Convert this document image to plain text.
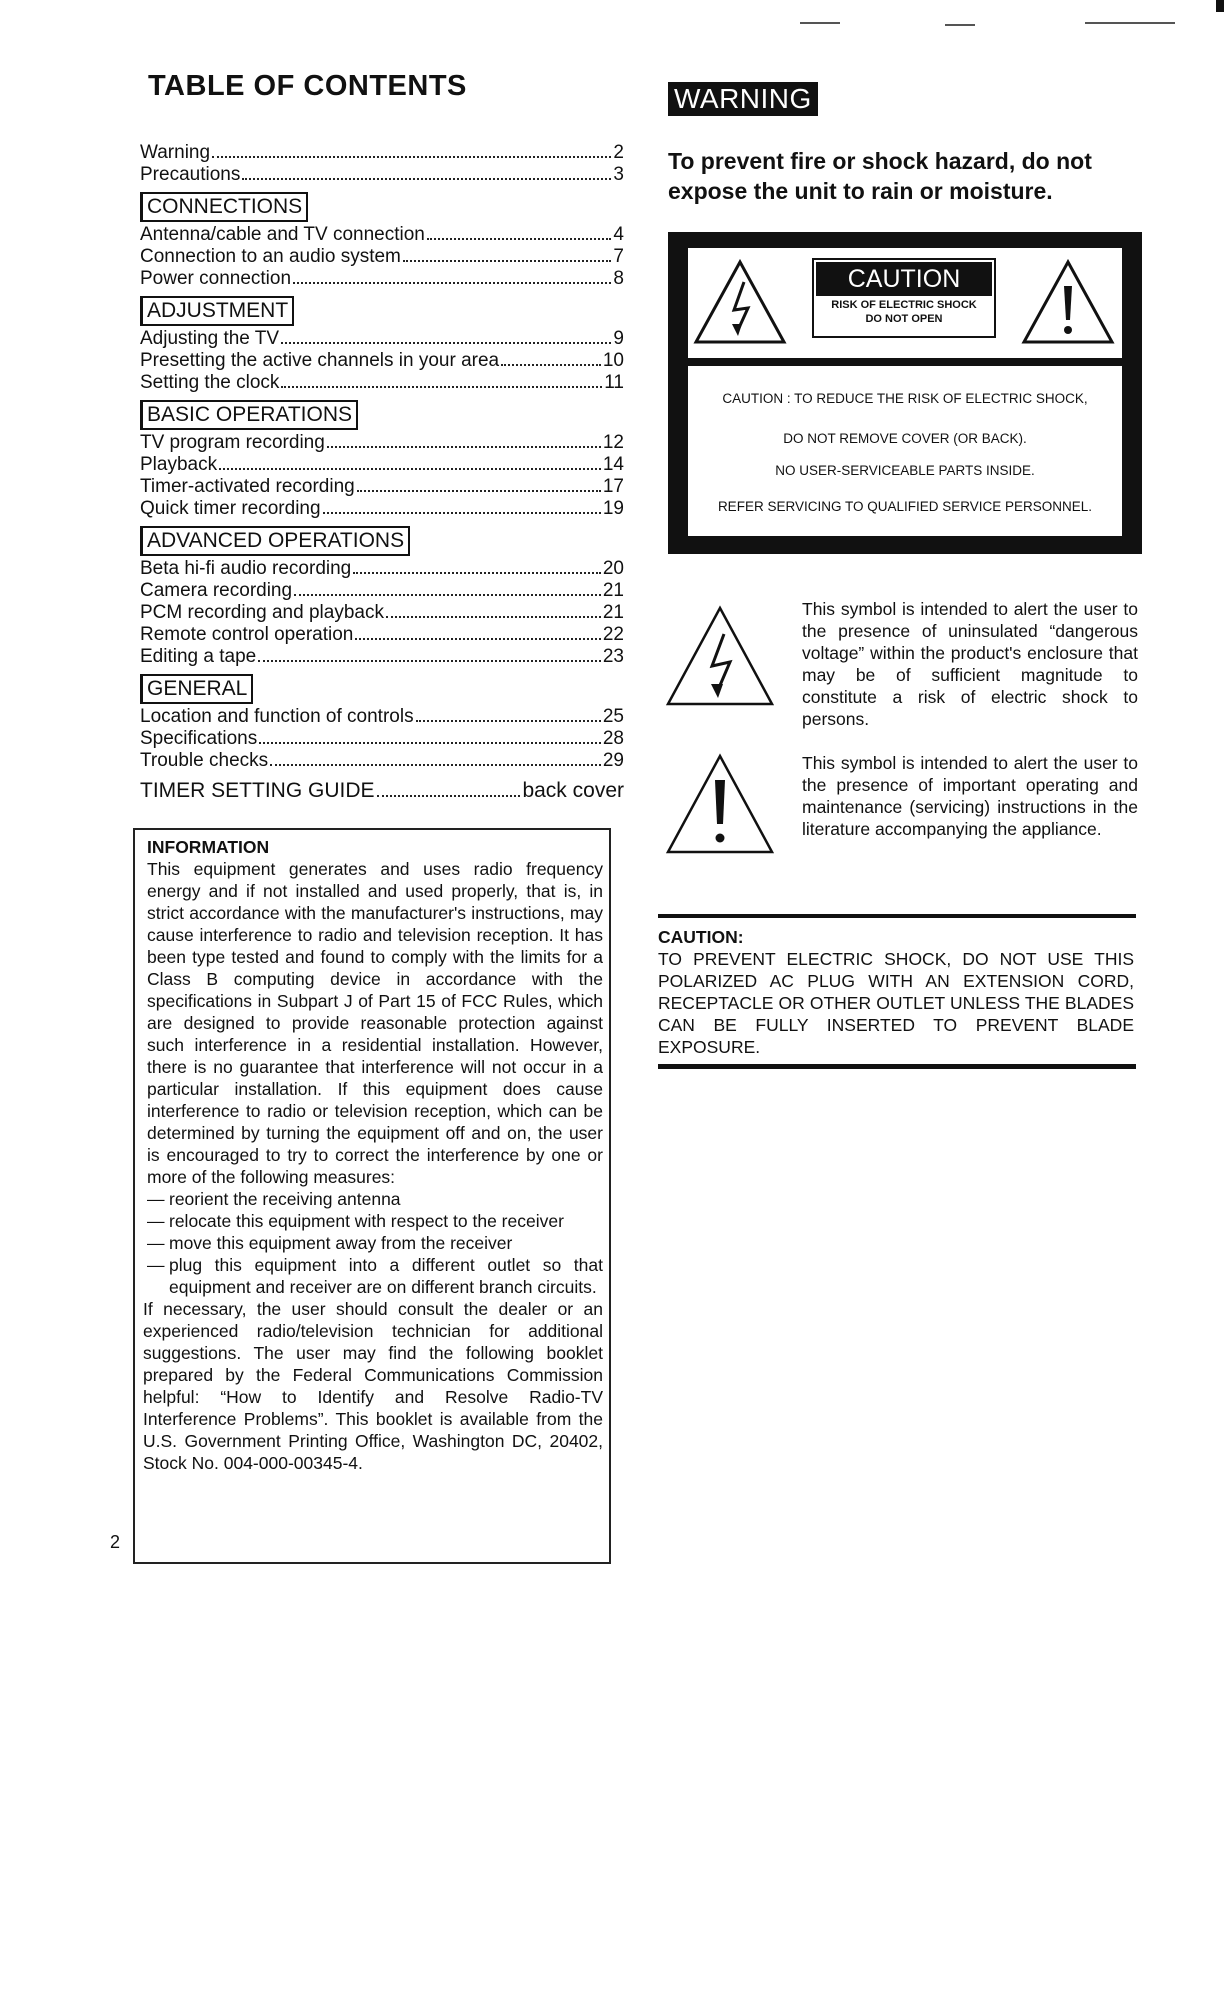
TABLE OF CONTENTS
Warning	2
Precautions	3
CONNECTIONS
Antenna/cable and TV connection	4
Connection to an audio system	7
Power connection	8
ADJUSTMENT
Adjusting the TV	9
Presetting the active channels in your area	10
Setting the clock	11
BASIC OPERATIONS
TV program recording	12
Playback	14
Timer-activated recording	17
Quick timer recording	19
ADVANCED OPERATIONS
Beta hi-fi audio recording	20
Camera recording	21
PCM recording and playback	21
Remote control operation	22
Editing a tape	23
GENERAL
Location and function of controls	25
Specifications	28
Trouble checks	29
TIMER SETTING GUIDE	back cover
INFORMATION
This equipment generates and uses radio frequency energy and if not installed and used properly, that is, in strict accordance with the manufacturer's instructions, may cause interference to radio and television reception. It has been type tested and found to comply with the limits for a Class B computing device in accordance with the specifications in Subpart J of Part 15 of FCC Rules, which are designed to provide reasonable protection against such interference in a residential installation. However, there is no guarantee that interference will not occur in a particular installation. If this equipment does cause interference to radio or television reception, which can be determined by turning the equipment off and on, the user is encouraged to try to correct the interference by one or more of the following measures:
— reorient the receiving antenna
— relocate this equipment with respect to the receiver
— move this equipment away from the receiver
— plug this equipment into a different outlet so that equipment and receiver are on different branch circuits.
If necessary, the user should consult the dealer or an experienced radio/television technician for additional suggestions. The user may find the following booklet prepared by the Federal Communications Commission helpful: “How to Identify and Resolve Radio-TV Interference Problems”. This booklet is available from the U.S. Government Printing Office, Washington DC, 20402, Stock No. 004-000-00345-4.
2
WARNING
To prevent fire or shock hazard, do not expose the unit to rain or moisture.
CAUTION
RISK OF ELECTRIC SHOCK
DO NOT OPEN
CAUTION : TO REDUCE THE RISK OF ELECTRIC SHOCK,
DO NOT REMOVE COVER (OR BACK).
NO USER-SERVICEABLE PARTS INSIDE.
REFER SERVICING TO QUALIFIED SERVICE PERSONNEL.
This symbol is intended to alert the user to the presence of uninsulated “dangerous voltage” within the product's enclosure that may be of sufficient magnitude to constitute a risk of electric shock to persons.
This symbol is intended to alert the user to the presence of important operating and maintenance (servicing) instructions in the literature accompanying the appliance.
CAUTION:
TO PREVENT ELECTRIC SHOCK, DO NOT USE THIS POLARIZED AC PLUG WITH AN EXTENSION CORD, RECEPTACLE OR OTHER OUTLET UNLESS THE BLADES CAN BE FULLY INSERTED TO PREVENT BLADE EXPOSURE.
